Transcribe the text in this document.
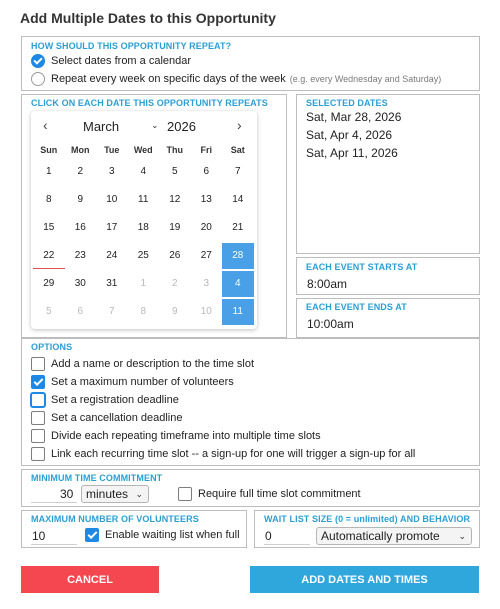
Add Multiple Dates to this Opportunity
HOW SHOULD THIS OPPORTUNITY REPEAT?
Select dates from a calendar
Repeat every week on specific days of the week (e.g. every Wednesday and Saturday)
CLICK ON EACH DATE THIS OPPORTUNITY REPEATS
‹	March	⌄ 2026	›
Sun	Mon	Tue	Wed	Thu	Fri	Sat
1	2	3	4	5	6	7
8	9	10	11	12	13	14
15	16	17	18	19	20	21
22	23	24	25	26	27	28
29	30	31	1	2	3	4
5	6	7	8	9	10	11
SELECTED DATES
Sat, Mar 28, 2026
Sat, Apr 4, 2026
Sat, Apr 11, 2026
EACH EVENT STARTS AT
8:00am
EACH EVENT ENDS AT
10:00am
OPTIONS
Add a name or description to the time slot
Set a maximum number of volunteers
Set a registration deadline
Set a cancellation deadline
Divide each repeating timeframe into multiple time slots
Link each recurring time slot -- a sign-up for one will trigger a sign-up for all
MINIMUM TIME COMMITMENT
30 minutes ⌄	Require full time slot commitment
MAXIMUM NUMBER OF VOLUNTEERS
10	Enable waiting list when full
WAIT LIST SIZE (0 = unlimited) AND BEHAVIOR
0	Automatically promote ⌄
CANCEL	ADD DATES AND TIMES
